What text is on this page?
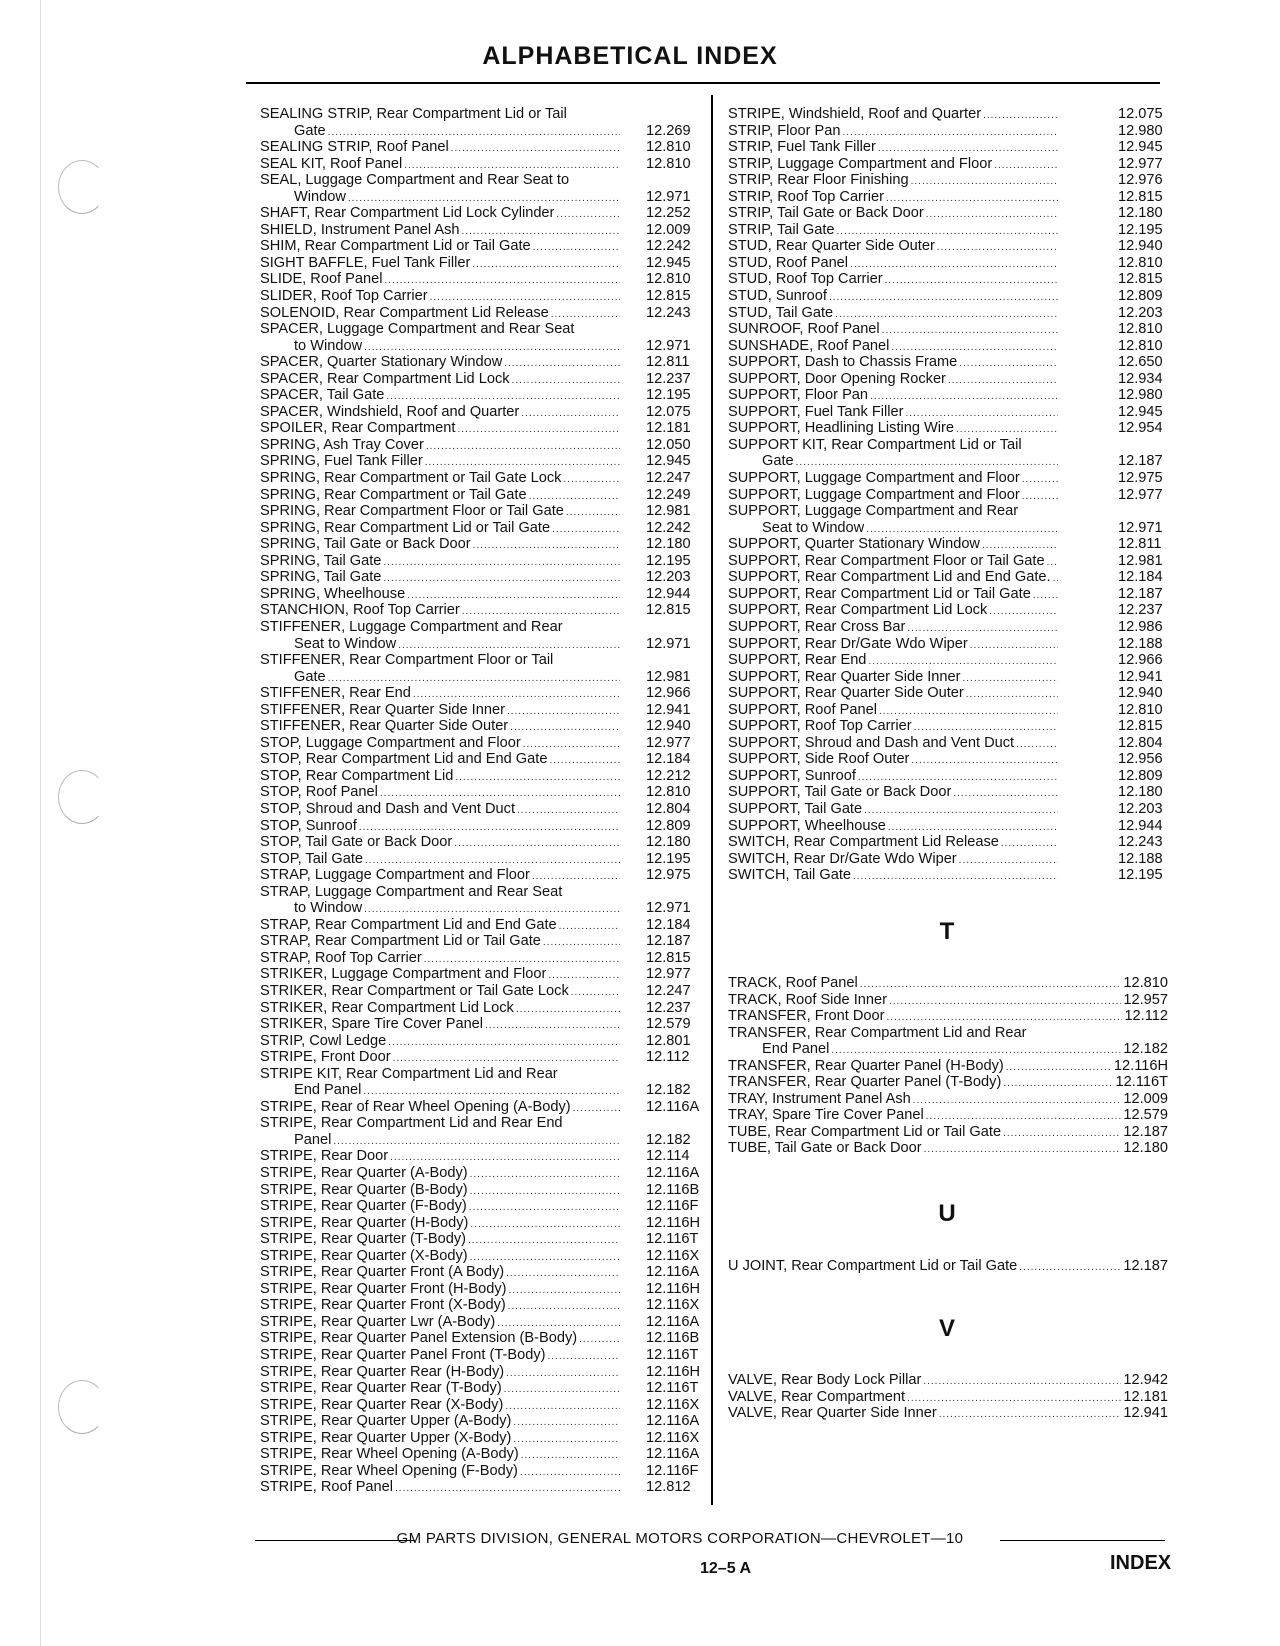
ALPHABETICAL INDEX
SEALING STRIP, Rear Compartment Lid or Tail
Gate .....	12.269
SEALING STRIP, Roof Panel .....	12.810
SEAL KIT, Roof Panel .....	12.810
SEAL, Luggage Compartment and Rear Seat to
Window .....	12.971
SHAFT, Rear Compartment Lid Lock Cylinder .....	12.252
SHIELD, Instrument Panel Ash .....	12.009
SHIM, Rear Compartment Lid or Tail Gate .....	12.242
SIGHT BAFFLE, Fuel Tank Filler .....	12.945
SLIDE, Roof Panel .....	12.810
SLIDER, Roof Top Carrier .....	12.815
SOLENOID, Rear Compartment Lid Release .....	12.243
SPACER, Luggage Compartment and Rear Seat
to Window .....	12.971
SPACER, Quarter Stationary Window .....	12.811
SPACER, Rear Compartment Lid Lock .....	12.237
SPACER, Tail Gate .....	12.195
SPACER, Windshield, Roof and Quarter .....	12.075
SPOILER, Rear Compartment .....	12.181
SPRING, Ash Tray Cover .....	12.050
SPRING, Fuel Tank Filler .....	12.945
SPRING, Rear Compartment or Tail Gate Lock .....	12.247
SPRING, Rear Compartment or Tail Gate .....	12.249
SPRING, Rear Compartment Floor or Tail Gate .....	12.981
SPRING, Rear Compartment Lid or Tail Gate .....	12.242
SPRING, Tail Gate or Back Door .....	12.180
SPRING, Tail Gate .....	12.195
SPRING, Tail Gate .....	12.203
SPRING, Wheelhouse .....	12.944
STANCHION, Roof Top Carrier .....	12.815
STIFFENER, Luggage Compartment and Rear
Seat to Window .....	12.971
STIFFENER, Rear Compartment Floor or Tail
Gate .....	12.981
STIFFENER, Rear End .....	12.966
STIFFENER, Rear Quarter Side Inner .....	12.941
STIFFENER, Rear Quarter Side Outer .....	12.940
STOP, Luggage Compartment and Floor .....	12.977
STOP, Rear Compartment Lid and End Gate .....	12.184
STOP, Rear Compartment Lid .....	12.212
STOP, Roof Panel .....	12.810
STOP, Shroud and Dash and Vent Duct .....	12.804
STOP, Sunroof .....	12.809
STOP, Tail Gate or Back Door .....	12.180
STOP, Tail Gate .....	12.195
STRAP, Luggage Compartment and Floor .....	12.975
STRAP, Luggage Compartment and Rear Seat
to Window .....	12.971
STRAP, Rear Compartment Lid and End Gate .....	12.184
STRAP, Rear Compartment Lid or Tail Gate .....	12.187
STRAP, Roof Top Carrier .....	12.815
STRIKER, Luggage Compartment and Floor .....	12.977
STRIKER, Rear Compartment or Tail Gate Lock .....	12.247
STRIKER, Rear Compartment Lid Lock .....	12.237
STRIKER, Spare Tire Cover Panel .....	12.579
STRIP, Cowl Ledge .....	12.801
STRIPE, Front Door .....	12.112
STRIPE KIT, Rear Compartment Lid and Rear
End Panel .....	12.182
STRIPE, Rear of Rear Wheel Opening (A-Body) .....	12.116A
STRIPE, Rear Compartment Lid and Rear End
Panel .....	12.182
STRIPE, Rear Door .....	12.114
STRIPE, Rear Quarter (A-Body) .....	12.116A
STRIPE, Rear Quarter (B-Body) .....	12.116B
STRIPE, Rear Quarter (F-Body) .....	12.116F
STRIPE, Rear Quarter (H-Body) .....	12.116H
STRIPE, Rear Quarter (T-Body) .....	12.116T
STRIPE, Rear Quarter (X-Body) .....	12.116X
STRIPE, Rear Quarter Front (A Body) .....	12.116A
STRIPE, Rear Quarter Front (H-Body) .....	12.116H
STRIPE, Rear Quarter Front (X-Body) .....	12.116X
STRIPE, Rear Quarter Lwr (A-Body) .....	12.116A
STRIPE, Rear Quarter Panel Extension (B-Body) .....	12.116B
STRIPE, Rear Quarter Panel Front (T-Body) .....	12.116T
STRIPE, Rear Quarter Rear (H-Body) .....	12.116H
STRIPE, Rear Quarter Rear (T-Body) .....	12.116T
STRIPE, Rear Quarter Rear (X-Body) .....	12.116X
STRIPE, Rear Quarter Upper (A-Body) .....	12.116A
STRIPE, Rear Quarter Upper (X-Body) .....	12.116X
STRIPE, Rear Wheel Opening (A-Body) .....	12.116A
STRIPE, Rear Wheel Opening (F-Body) .....	12.116F
STRIPE, Roof Panel .....	12.812
STRIPE, Windshield, Roof and Quarter .....	12.075
STRIP, Floor Pan .....	12.980
STRIP, Fuel Tank Filler .....	12.945
STRIP, Luggage Compartment and Floor .....	12.977
STRIP, Rear Floor Finishing .....	12.976
STRIP, Roof Top Carrier .....	12.815
STRIP, Tail Gate or Back Door .....	12.180
STRIP, Tail Gate .....	12.195
STUD, Rear Quarter Side Outer .....	12.940
STUD, Roof Panel .....	12.810
STUD, Roof Top Carrier .....	12.815
STUD, Sunroof .....	12.809
STUD, Tail Gate .....	12.203
SUNROOF, Roof Panel .....	12.810
SUNSHADE, Roof Panel .....	12.810
SUPPORT, Dash to Chassis Frame .....	12.650
SUPPORT, Door Opening Rocker .....	12.934
SUPPORT, Floor Pan .....	12.980
SUPPORT, Fuel Tank Filler .....	12.945
SUPPORT, Headlining Listing Wire .....	12.954
SUPPORT KIT, Rear Compartment Lid or Tail
Gate .....	12.187
SUPPORT, Luggage Compartment and Floor .....	12.975
SUPPORT, Luggage Compartment and Floor .....	12.977
SUPPORT, Luggage Compartment and Rear
Seat to Window .....	12.971
SUPPORT, Quarter Stationary Window .....	12.811
SUPPORT, Rear Compartment Floor or Tail Gate .....	12.981
SUPPORT, Rear Compartment Lid and End Gate. .....	12.184
SUPPORT, Rear Compartment Lid or Tail Gate .....	12.187
SUPPORT, Rear Compartment Lid Lock .....	12.237
SUPPORT, Rear Cross Bar .....	12.986
SUPPORT, Rear Dr/Gate Wdo Wiper .....	12.188
SUPPORT, Rear End .....	12.966
SUPPORT, Rear Quarter Side Inner .....	12.941
SUPPORT, Rear Quarter Side Outer .....	12.940
SUPPORT, Roof Panel .....	12.810
SUPPORT, Roof Top Carrier .....	12.815
SUPPORT, Shroud and Dash and Vent Duct .....	12.804
SUPPORT, Side Roof Outer .....	12.956
SUPPORT, Sunroof .....	12.809
SUPPORT, Tail Gate or Back Door .....	12.180
SUPPORT, Tail Gate .....	12.203
SUPPORT, Wheelhouse .....	12.944
SWITCH, Rear Compartment Lid Release .....	12.243
SWITCH, Rear Dr/Gate Wdo Wiper .....	12.188
SWITCH, Tail Gate .....	12.195
T
TRACK, Roof Panel .....	12.810
TRACK, Roof Side Inner .....	12.957
TRANSFER, Front Door .....	12.112
TRANSFER, Rear Compartment Lid and Rear
End Panel .....	12.182
TRANSFER, Rear Quarter Panel (H-Body) .....	12.116H
TRANSFER, Rear Quarter Panel (T-Body) .....	12.116T
TRAY, Instrument Panel Ash .....	12.009
TRAY, Spare Tire Cover Panel .....	12.579
TUBE, Rear Compartment Lid or Tail Gate .....	12.187
TUBE, Tail Gate or Back Door .....	12.180
U
U JOINT, Rear Compartment Lid or Tail Gate .....	12.187
V
VALVE, Rear Body Lock Pillar .....	12.942
VALVE, Rear Compartment .....	12.181
VALVE, Rear Quarter Side Inner .....	12.941
GM PARTS DIVISION, GENERAL MOTORS CORPORATION—CHEVROLET—10
12–5 A	INDEX
